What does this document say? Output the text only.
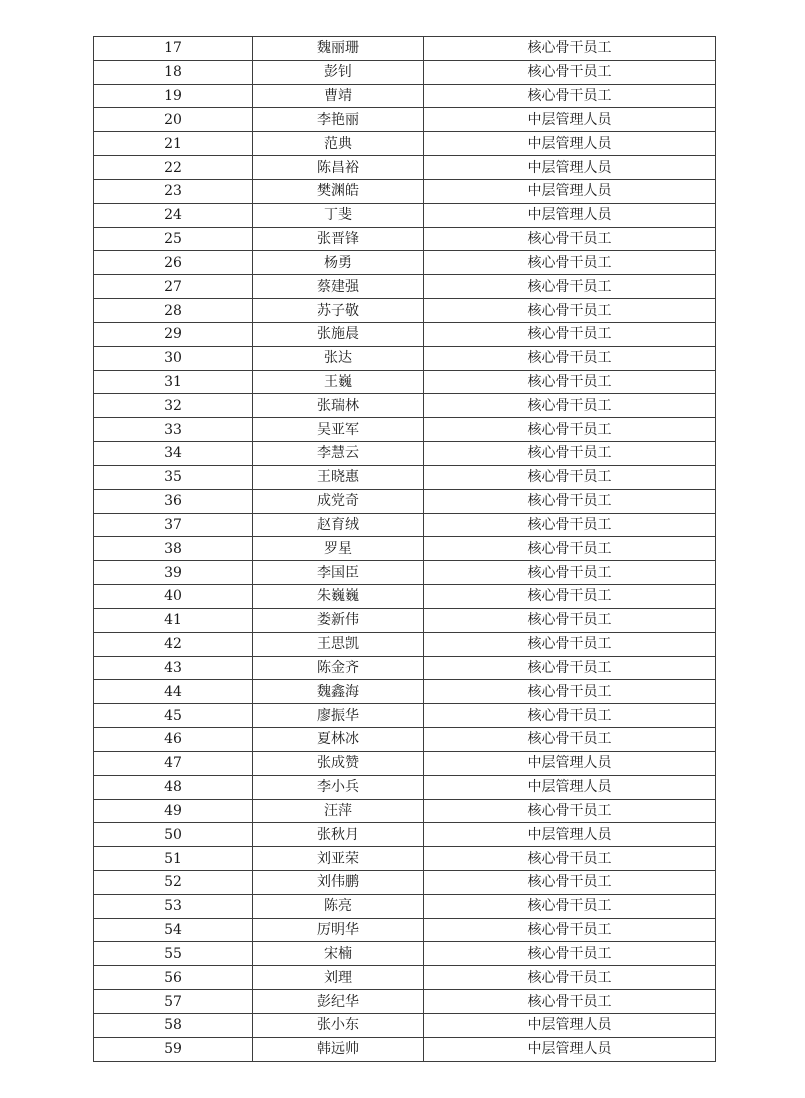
17	魏丽珊	核心骨干员工
18	彭钊	核心骨干员工
19	曹靖	核心骨干员工
20	李艳丽	中层管理人员
21	范典	中层管理人员
22	陈昌裕	中层管理人员
23	樊渊皓	中层管理人员
24	丁斐	中层管理人员
25	张晋锋	核心骨干员工
26	杨勇	核心骨干员工
27	蔡建强	核心骨干员工
28	苏子敬	核心骨干员工
29	张施晨	核心骨干员工
30	张达	核心骨干员工
31	王巍	核心骨干员工
32	张瑞林	核心骨干员工
33	吴亚军	核心骨干员工
34	李慧云	核心骨干员工
35	王晓惠	核心骨干员工
36	成党奇	核心骨干员工
37	赵育绒	核心骨干员工
38	罗星	核心骨干员工
39	李国臣	核心骨干员工
40	朱巍巍	核心骨干员工
41	娄新伟	核心骨干员工
42	王思凯	核心骨干员工
43	陈金齐	核心骨干员工
44	魏鑫海	核心骨干员工
45	廖振华	核心骨干员工
46	夏林冰	核心骨干员工
47	张成赞	中层管理人员
48	李小兵	中层管理人员
49	汪萍	核心骨干员工
50	张秋月	中层管理人员
51	刘亚荣	核心骨干员工
52	刘伟鹏	核心骨干员工
53	陈亮	核心骨干员工
54	厉明华	核心骨干员工
55	宋楠	核心骨干员工
56	刘理	核心骨干员工
57	彭纪华	核心骨干员工
58	张小东	中层管理人员
59	韩远帅	中层管理人员
